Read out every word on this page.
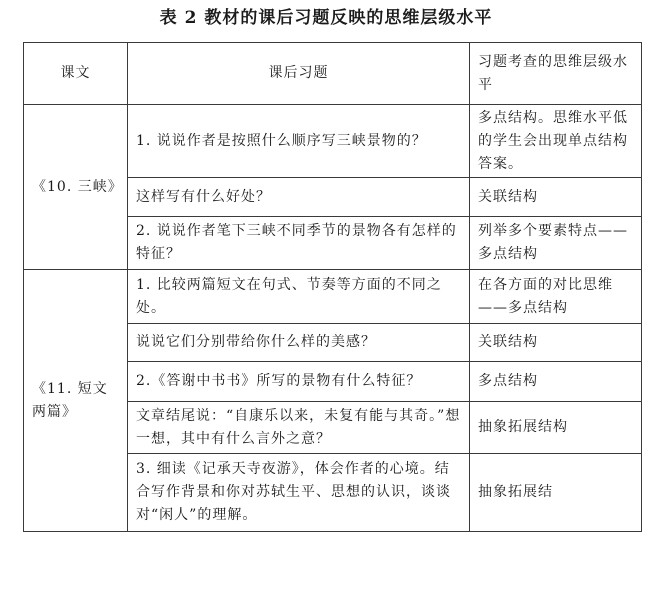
表 2 教材的课后习题反映的思维层级水平
课文	课后习题	习题考查的思维层级水平
《10. 三峡》	1. 说说作者是按照什么顺序写三峡景物的？	多点结构。思维水平低的学生会出现单点结构答案。
	这样写有什么好处？	关联结构
	2. 说说作者笔下三峡不同季节的景物各有怎样的特征？	列举多个要素特点——多点结构
《11. 短文两篇》	1. 比较两篇短文在句式、节奏等方面的不同之处。	在各方面的对比思维——多点结构
	说说它们分别带给你什么样的美感？	关联结构
	2.《答谢中书书》所写的景物有什么特征？	多点结构
	文章结尾说：“自康乐以来，未复有能与其奇。”想一想，其中有什么言外之意？	抽象拓展结构
	3. 细读《记承天寺夜游》，体会作者的心境。结合写作背景和你对苏轼生平、思想的认识，谈谈对“闲人”的理解。	抽象拓展结
